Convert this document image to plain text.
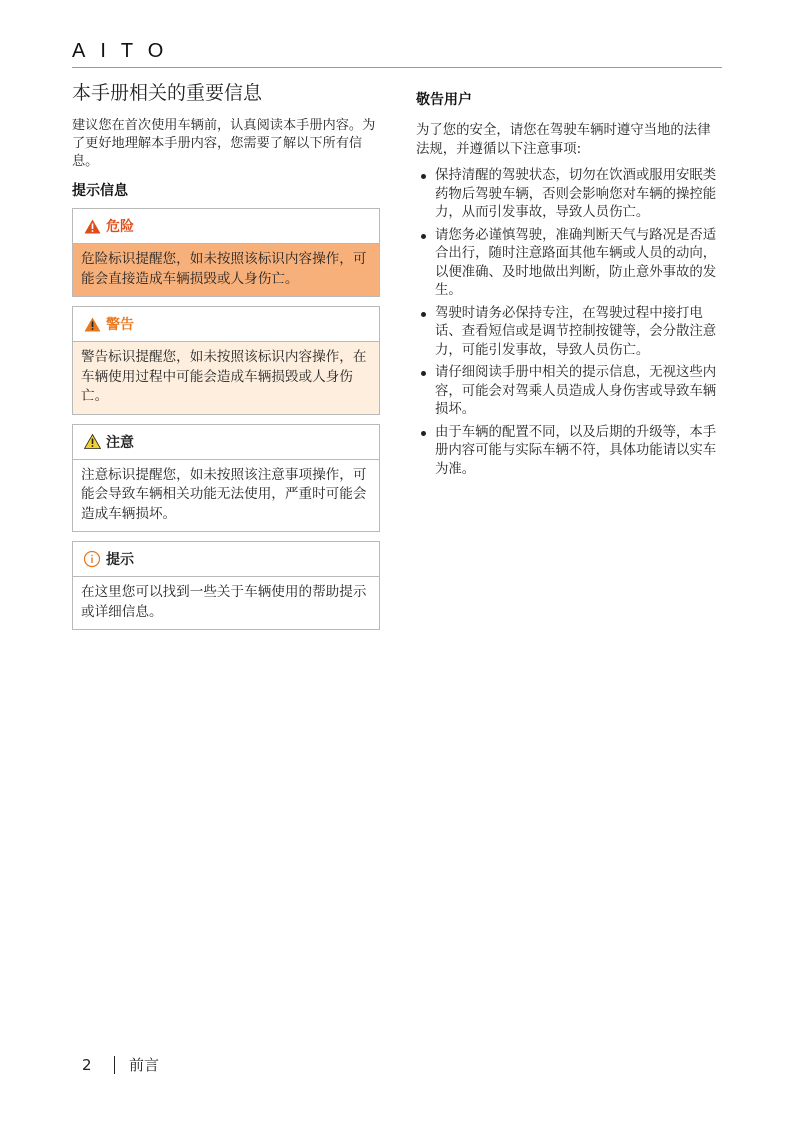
AITO
本手册相关的重要信息

建议您在首次使用车辆前，认真阅读本手册内容。为了更好地理解本手册内容，您需要了解以下所有信息。

提示信息
危险
危险标识提醒您，如未按照该标识内容操作，可能会直接造成车辆损毁或人身伤亡。
警告
警告标识提醒您，如未按照该标识内容操作，在车辆使用过程中可能会造成车辆损毁或人身伤亡。
注意
注意标识提醒您，如未按照该注意事项操作，可能会导致车辆相关功能无法使用，严重时可能会造成车辆损坏。
提示
在这里您可以找到一些关于车辆使用的帮助提示或详细信息。
敬告用户

为了您的安全，请您在驾驶车辆时遵守当地的法律法规，并遵循以下注意事项:

保持清醒的驾驶状态，切勿在饮酒或服用安眠类药物后驾驶车辆，否则会影响您对车辆的操控能力，从而引发事故，导致人员伤亡。
请您务必谨慎驾驶，准确判断天气与路况是否适合出行，随时注意路面其他车辆或人员的动向，以便准确、及时地做出判断，防止意外事故的发生。
驾驶时请务必保持专注，在驾驶过程中接打电话、查看短信或是调节控制按键等，会分散注意力，可能引发事故，导致人员伤亡。
请仔细阅读手册中相关的提示信息，无视这些内容，可能会对驾乘人员造成人身伤害或导致车辆损坏。
由于车辆的配置不同，以及后期的升级等，本手册内容可能与实际车辆不符，具体功能请以实车为准。
2	前言
